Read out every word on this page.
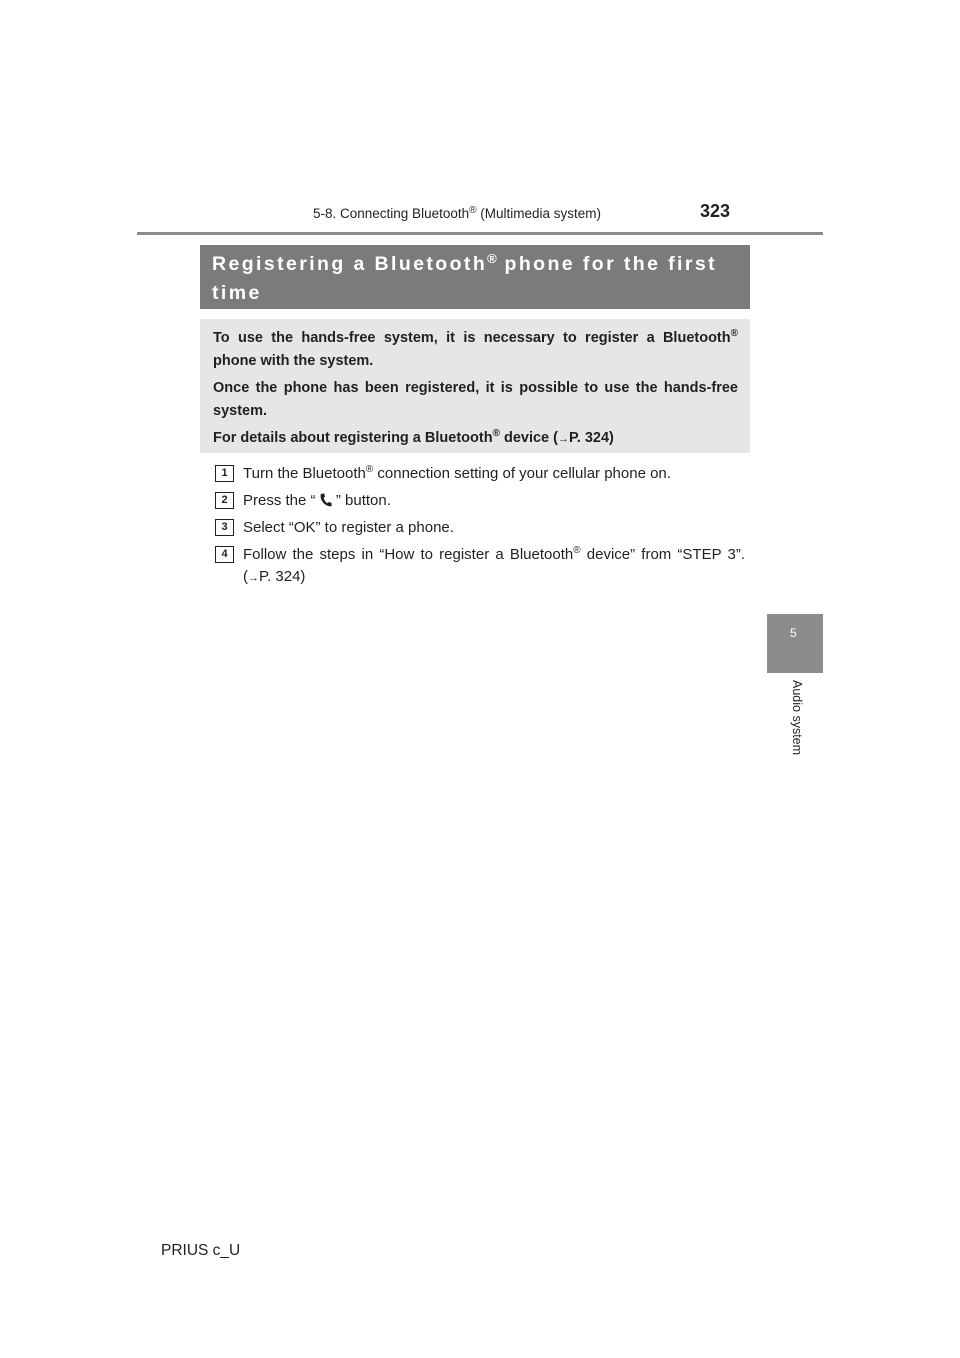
5-8. Connecting Bluetooth® (Multimedia system)	323
5
Audio system
Registering a Bluetooth® phone for the first time

To use the hands-free system, it is necessary to register a Bluetooth® phone with the system.

Once the phone has been registered, it is possible to use the hands-free system.

For details about registering a Bluetooth® device (→P. 324)

1	Turn the Bluetooth® connection setting of your cellular phone on.
2	Press the “  ” button.
3	Select “OK” to register a phone.
4	Follow the steps in “How to register a Bluetooth® device” from “STEP 3”. (→P. 324)
PRIUS c_U
